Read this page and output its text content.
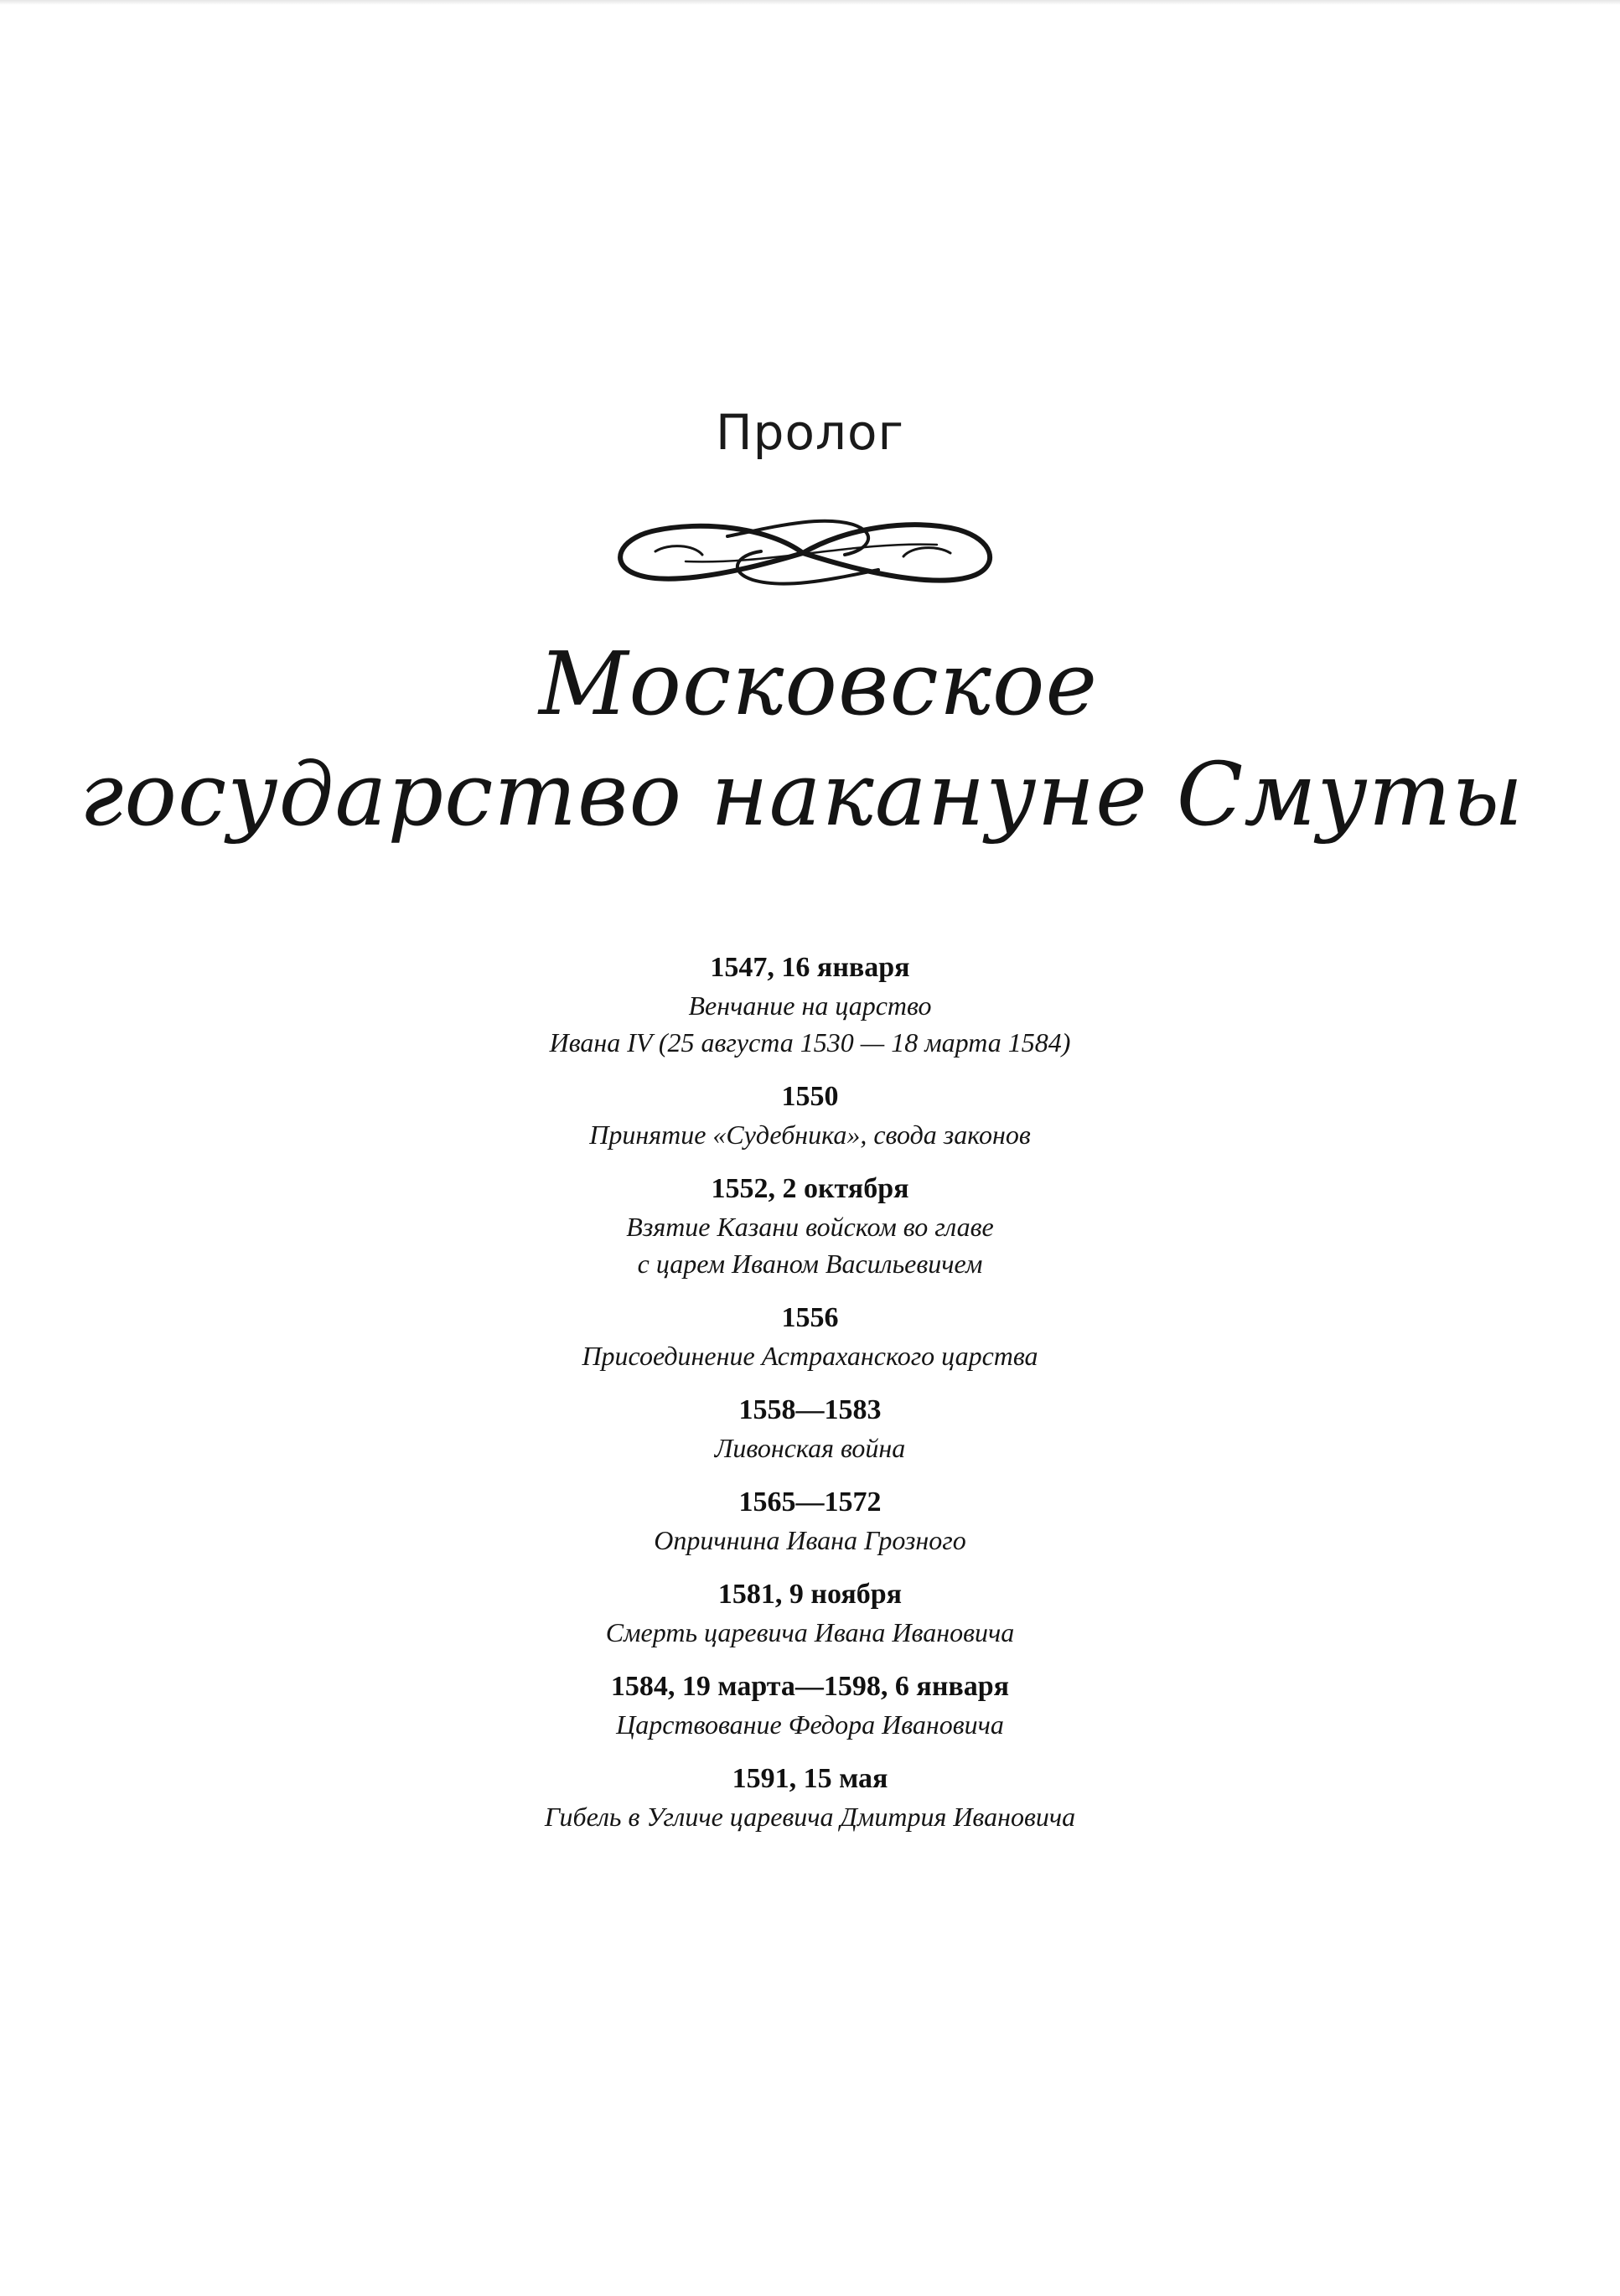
Пролог
Московское
государство накануне Смуты
1547, 16 января
Венчание на царство
Ивана IV (25 августа 1530 — 18 марта 1584)
1550
Принятие «Судебника», свода законов
1552, 2 октября
Взятие Казани войском во главе
с царем Иваном Васильевичем
1556
Присоединение Астраханского царства
1558—1583
Ливонская война
1565—1572
Опричнина Ивана Грозного
1581, 9 ноября
Смерть царевича Ивана Ивановича
1584, 19 марта—1598, 6 января
Царствование Федора Ивановича
1591, 15 мая
Гибель в Угличе царевича Дмитрия Ивановича
